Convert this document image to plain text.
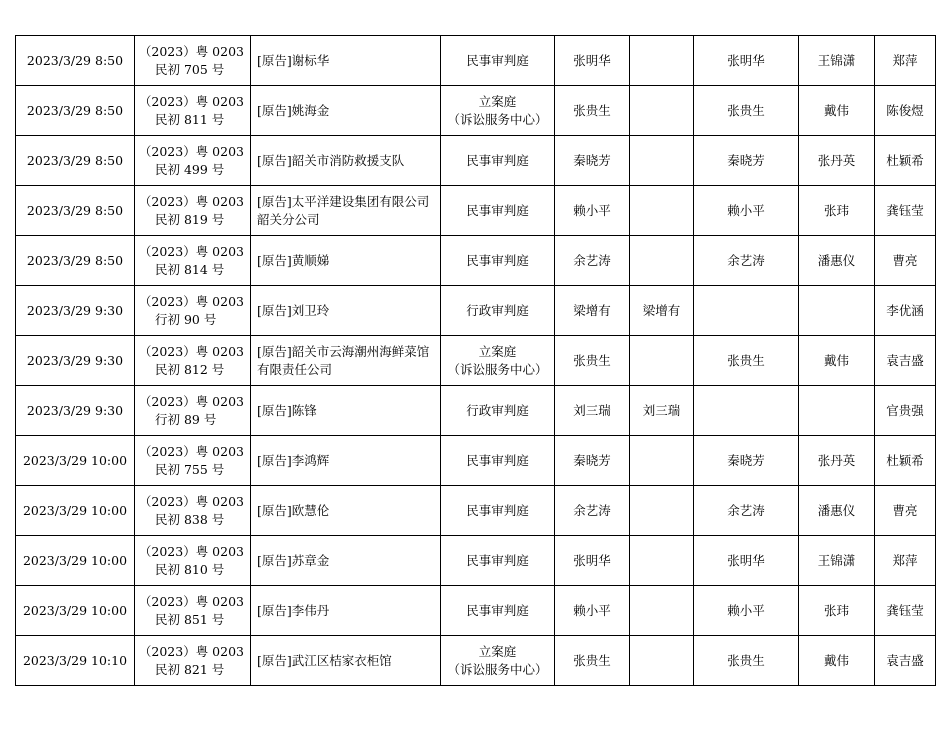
2023/3/29 8:50	（2023）粤 0203
民初 705 号	[原告]谢标华	民事审判庭	张明华		张明华	王锦潇	郑萍
2023/3/29 8:50	（2023）粤 0203
民初 811 号	[原告]姚海金	立案庭
（诉讼服务中心）	张贵生		张贵生	戴伟	陈俊煜
2023/3/29 8:50	（2023）粤 0203
民初 499 号	[原告]韶关市消防救援支队	民事审判庭	秦晓芳		秦晓芳	张丹英	杜颖希
2023/3/29 8:50	（2023）粤 0203
民初 819 号	[原告]太平洋建设集团有限公司韶关分公司	民事审判庭	赖小平		赖小平	张玮	龚钰莹
2023/3/29 8:50	（2023）粤 0203
民初 814 号	[原告]黄顺娣	民事审判庭	余艺涛		余艺涛	潘惠仪	曹亮
2023/3/29 9:30	（2023）粤 0203
行初 90 号	[原告]刘卫玲	行政审判庭	梁增有	梁增有			李优涵
2023/3/29 9:30	（2023）粤 0203
民初 812 号	[原告]韶关市云海潮州海鲜菜馆有限责任公司	立案庭
（诉讼服务中心）	张贵生		张贵生	戴伟	袁吉盛
2023/3/29 9:30	（2023）粤 0203
行初 89 号	[原告]陈锋	行政审判庭	刘三瑞	刘三瑞			官贵强
2023/3/29 10:00	（2023）粤 0203
民初 755 号	[原告]李鸿辉	民事审判庭	秦晓芳		秦晓芳	张丹英	杜颖希
2023/3/29 10:00	（2023）粤 0203
民初 838 号	[原告]欧慧伦	民事审判庭	余艺涛		余艺涛	潘惠仪	曹亮
2023/3/29 10:00	（2023）粤 0203
民初 810 号	[原告]苏章金	民事审判庭	张明华		张明华	王锦潇	郑萍
2023/3/29 10:00	（2023）粤 0203
民初 851 号	[原告]李伟丹	民事审判庭	赖小平		赖小平	张玮	龚钰莹
2023/3/29 10:10	（2023）粤 0203
民初 821 号	[原告]武江区桔家衣柜馆	立案庭
（诉讼服务中心）	张贵生		张贵生	戴伟	袁吉盛
